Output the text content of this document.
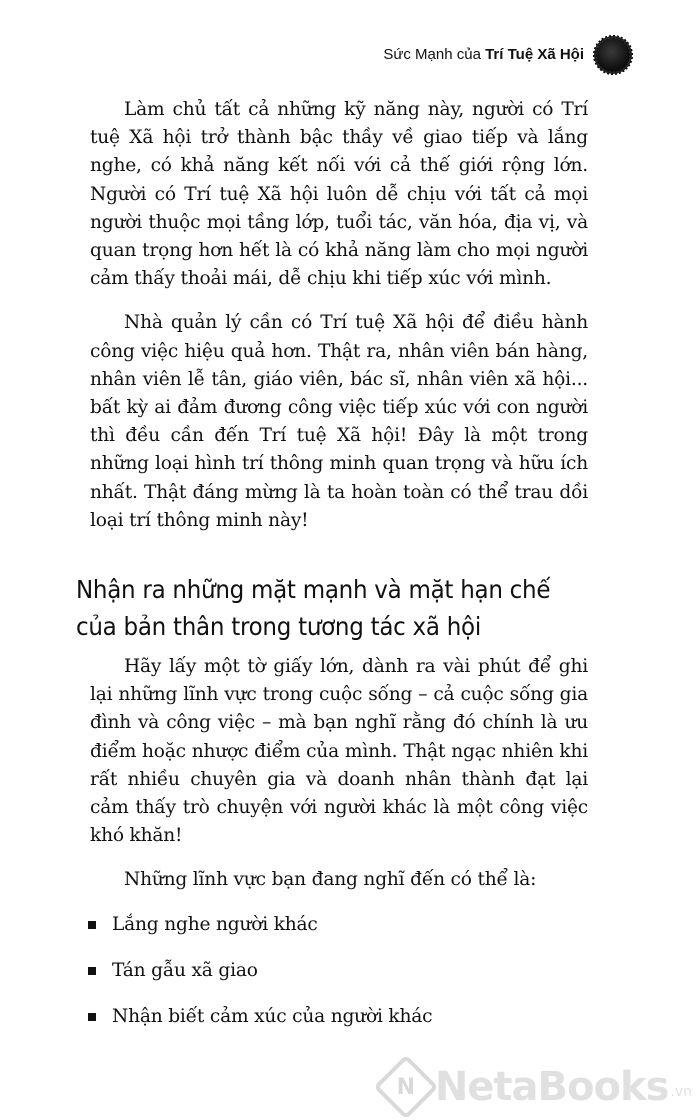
Sức Mạnh của Trí Tuệ Xã Hội

Làm chủ tất cả những kỹ năng này, người có Trí tuệ Xã hội trở thành bậc thầy về giao tiếp và lắng nghe, có khả năng kết nối với cả thế giới rộng lớn. Người có Trí tuệ Xã hội luôn dễ chịu với tất cả mọi người thuộc mọi tầng lớp, tuổi tác, văn hóa, địa vị, và quan trọng hơn hết là có khả năng làm cho mọi người cảm thấy thoải mái, dễ chịu khi tiếp xúc với mình.

Nhà quản lý cần có Trí tuệ Xã hội để điều hành công việc hiệu quả hơn. Thật ra, nhân viên bán hàng, nhân viên lễ tân, giáo viên, bác sĩ, nhân viên xã hội... bất kỳ ai đảm đương công việc tiếp xúc với con người thì đều cần đến Trí tuệ Xã hội! Đây là một trong những loại hình trí thông minh quan trọng và hữu ích nhất. Thật đáng mừng là ta hoàn toàn có thể trau dồi loại trí thông minh này!

Nhận ra những mặt mạnh và mặt hạn chế
của bản thân trong tương tác xã hội

Hãy lấy một tờ giấy lớn, dành ra vài phút để ghi lại những lĩnh vực trong cuộc sống – cả cuộc sống gia đình và công việc – mà bạn nghĩ rằng đó chính là ưu điểm hoặc nhược điểm của mình. Thật ngạc nhiên khi rất nhiều chuyên gia và doanh nhân thành đạt lại cảm thấy trò chuyện với người khác là một công việc khó khăn!

Những lĩnh vực bạn đang nghĩ đến có thể là:

Lắng nghe người khác
Tán gẫu xã giao
Nhận biết cảm xúc của người khác
N NetaBooks .vn
